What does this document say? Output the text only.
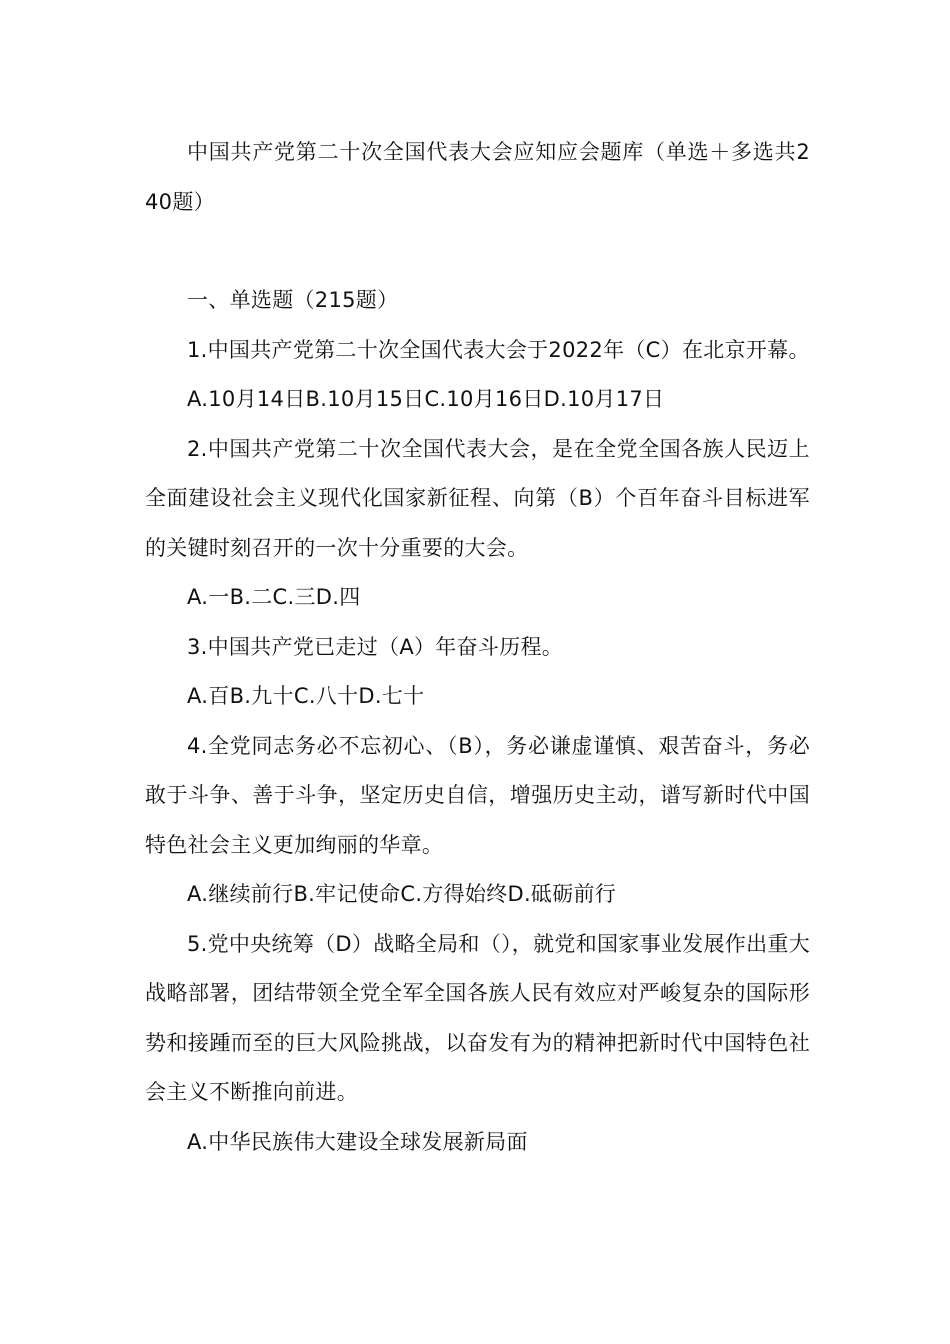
中国共产党第二十次全国代表大会应知应会题库（单选＋多选共240题）

一、单选题（215题）

1.中国共产党第二十次全国代表大会于2022年（C）在北京开幕。

A.10月14日B.10月15日C.10月16日D.10月17日

2.中国共产党第二十次全国代表大会，是在全党全国各族人民迈上全面建设社会主义现代化国家新征程、向第（B）个百年奋斗目标进军的关键时刻召开的一次十分重要的大会。

A.一B.二C.三D.四

3.中国共产党已走过（A）年奋斗历程。

A.百B.九十C.八十D.七十

4.全党同志务必不忘初心、（B），务必谦虚谨慎、艰苦奋斗，务必敢于斗争、善于斗争，坚定历史自信，增强历史主动，谱写新时代中国特色社会主义更加绚丽的华章。

A.继续前行B.牢记使命C.方得始终D.砥砺前行

5.党中央统筹（D）战略全局和（），就党和国家事业发展作出重大战略部署，团结带领全党全军全国各族人民有效应对严峻复杂的国际形势和接踵而至的巨大风险挑战，以奋发有为的精神把新时代中国特色社会主义不断推向前进。

A.中华民族伟大建设全球发展新局面
